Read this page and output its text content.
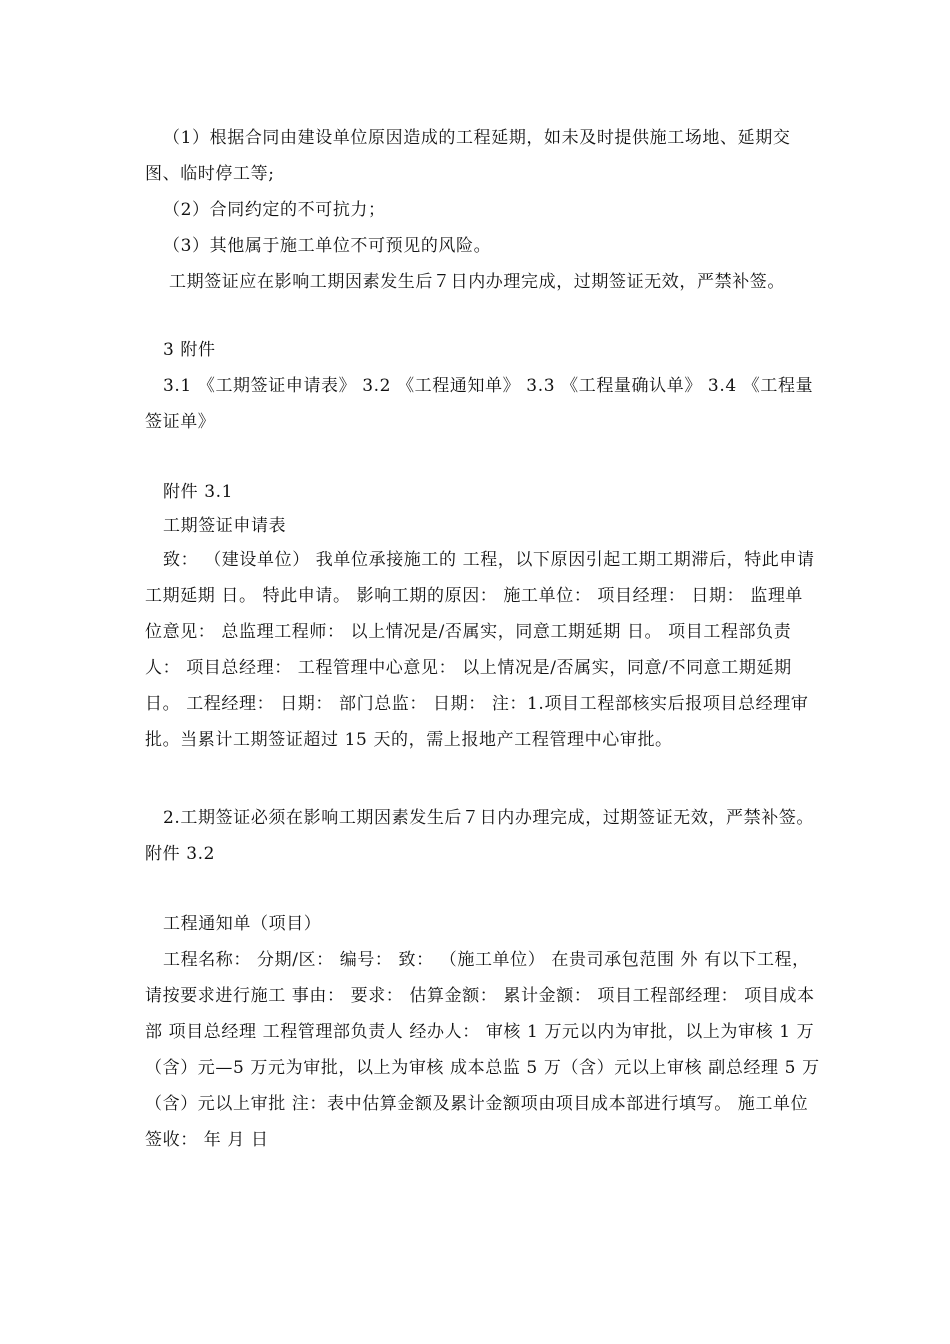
（1）根据合同由建设单位原因造成的工程延期，如未及时提供施工场地、延期交图、临时停工等;

（2）合同约定的不可抗力；

（3）其他属于施工单位不可预见的风险。

工期签证应在影响工期因素发生后７日内办理完成，过期签证无效，严禁补签。

3 附件

3.1 《工期签证申请表》 3.2 《工程通知单》 3.3 《工程量确认单》 3.4 《工程量签证单》

附件 3.1

工期签证申请表

致： （建设单位） 我单位承接施工的 工程，以下原因引起工期工期滞后，特此申请工期延期 日。 特此申请。 影响工期的原因： 施工单位： 项目经理： 日期： 监理单位意见： 总监理工程师： 以上情况是/否属实，同意工期延期 日。 项目工程部负责人： 项目总经理： 工程管理中心意见： 以上情况是/否属实，同意/不同意工期延期 日。 工程经理： 日期： 部门总监： 日期： 注：1.项目工程部核实后报项目总经理审批。当累计工期签证超过 15 天的，需上报地产工程管理中心审批。

2.工期签证必须在影响工期因素发生后７日内办理完成，过期签证无效，严禁补签。 附件 3.2

工程通知单（项目）

工程名称： 分期/区： 编号： 致： （施工单位） 在贵司承包范围 外 有以下工程，请按要求进行施工 事由： 要求： 估算金额： 累计金额： 项目工程部经理： 项目成本部 项目总经理 工程管理部负责人 经办人： 审核 1 万元以内为审批，以上为审核 1 万（含）元—5 万元为审批，以上为审核 成本总监 5 万（含）元以上审核 副总经理 5 万（含）元以上审批 注：表中估算金额及累计金额项由项目成本部进行填写。 施工单位签收： 年 月 日
